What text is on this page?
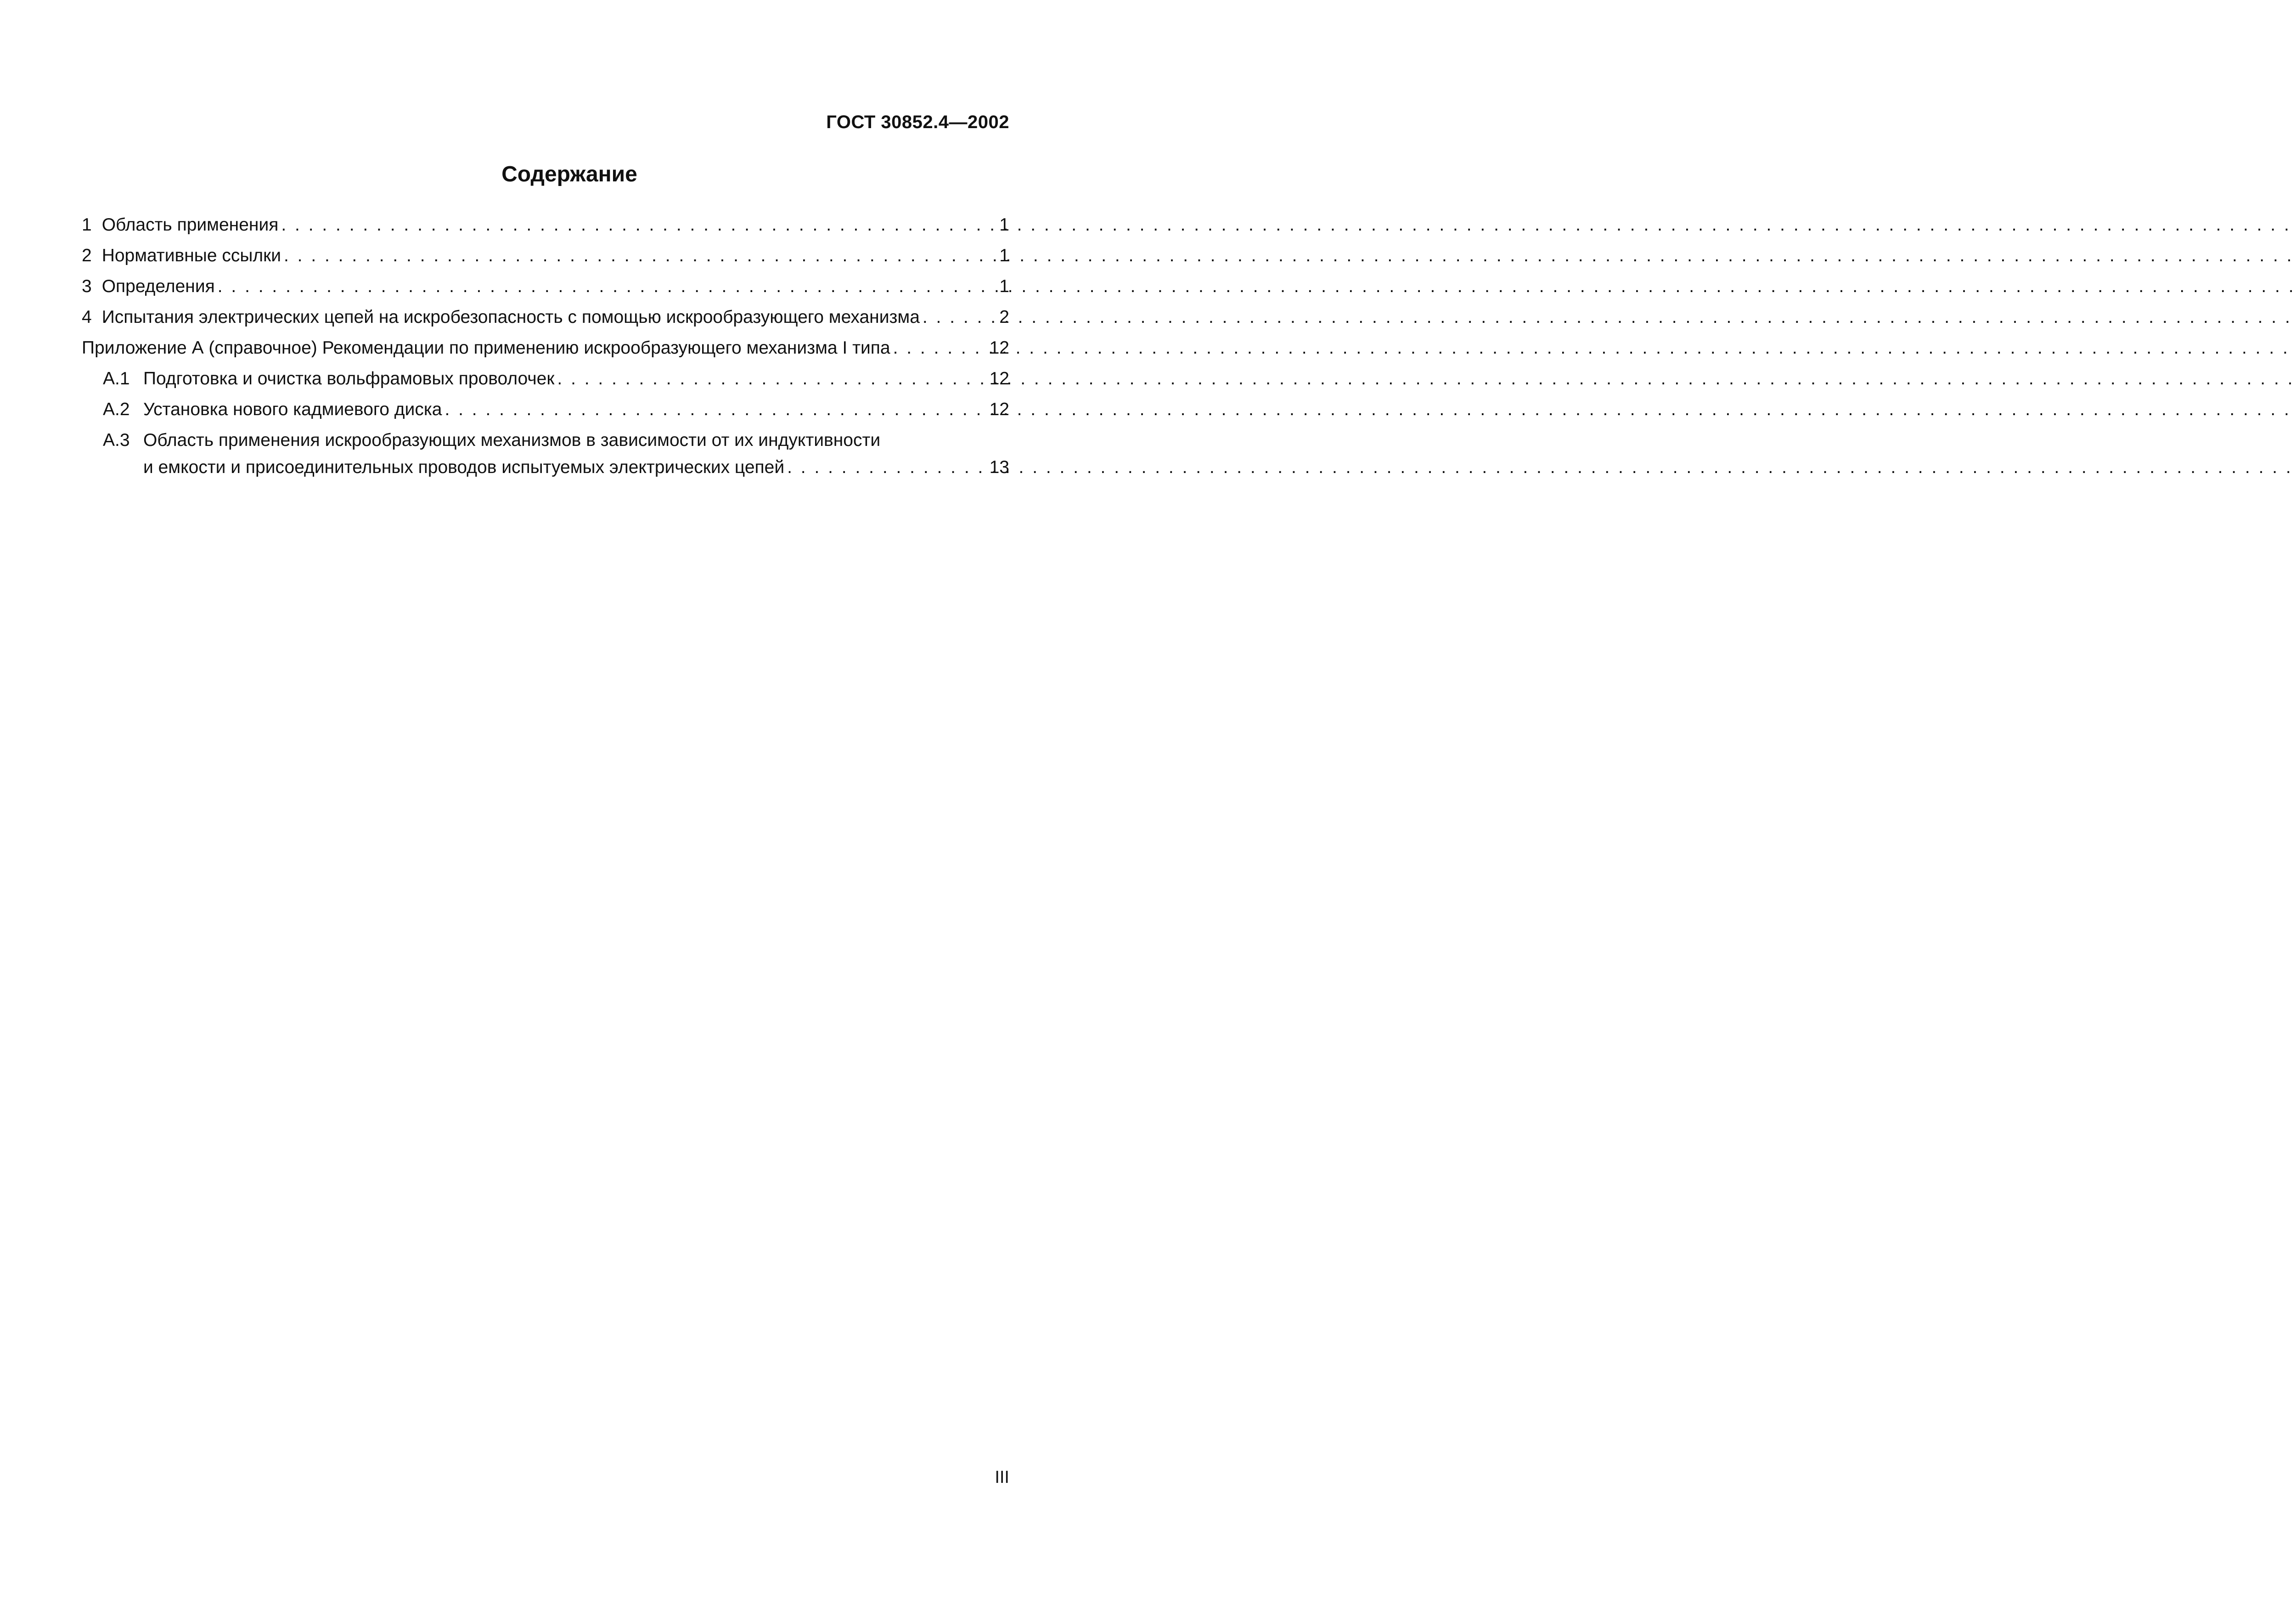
ГОСТ 30852.4—2002
Содержание
1 Область применения . . .	1
2 Нормативные ссылки . . .	1
3 Определения . . .	1
4 Испытания электрических цепей на искробезопасность с помощью искрообразующего механизма . . .	2
Приложение А (справочное) Рекомендации по применению искрообразующего механизма I типа . . .	12
А.1 Подготовка и очистка вольфрамовых проволочек . . .	12
А.2 Установка нового кадмиевого диска . . .	12
А.3 Область применения искрообразующих механизмов в зависимости от их индуктивности
и емкости и присоединительных проводов испытуемых электрических цепей . . .	13
III
